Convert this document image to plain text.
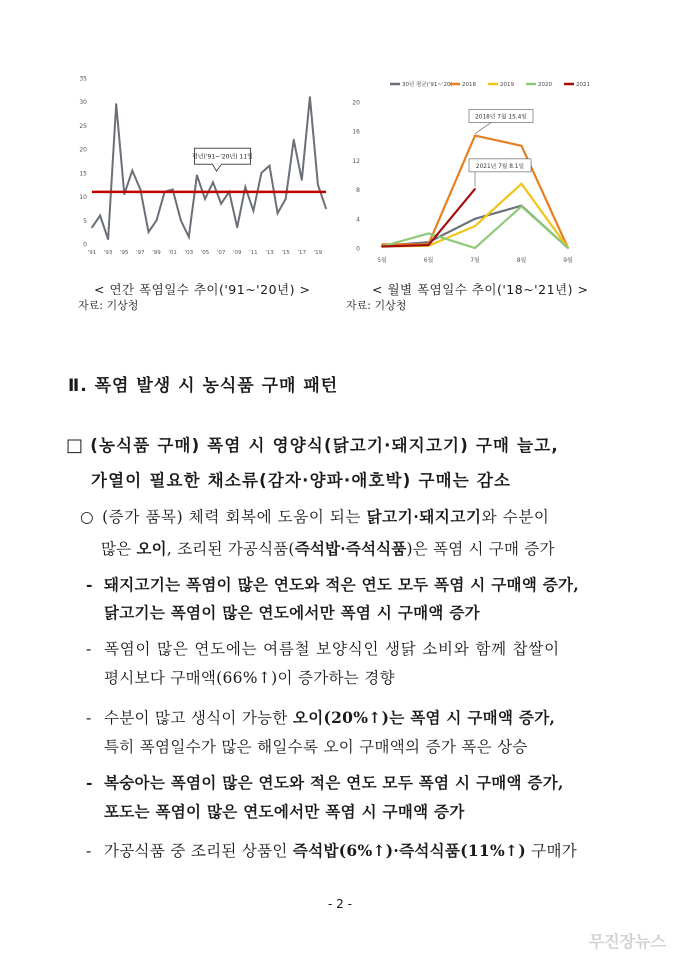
0
5
10
15
20
25
30
35
'91 '93 '95 '97 '99 '01 '03 '05 '07 '09 '11 '13 '15 '17 '19
평년('91~'20년) 11일
< 연간 폭염일수 추이('91~'20년) >
자료: 기상청
30년 평균('91~'20) 2018	2019	2020	2021
0
4
8
12
16
20
5월	6월	7월	8월	9월
2018년 7월 15.4일
2021년 7월 8.1일
< 월별 폭염일수 추이('18~'21년) >
자료: 기상청
Ⅱ. 폭염 발생 시 농식품 구매 패턴
□ (농식품 구매) 폭염 시 영양식(닭고기·돼지고기) 구매 늘고,
가열이 필요한 채소류(감자·양파·애호박) 구매는 감소
○ (증가 품목) 체력 회복에 도움이 되는 닭고기·돼지고기와 수분이
많은 오이, 조리된 가공식품(즉석밥·즉석식품)은 폭염 시 구매 증가
- 돼지고기는 폭염이 많은 연도와 적은 연도 모두 폭염 시 구매액 증가,
닭고기는 폭염이 많은 연도에서만 폭염 시 구매액 증가
- 폭염이 많은 연도에는 여름철 보양식인 생닭 소비와 함께 찹쌀이
평시보다 구매액(66%↑)이 증가하는 경향
- 수분이 많고 생식이 가능한 오이(20%↑)는 폭염 시 구매액 증가,
특히 폭염일수가 많은 해일수록 오이 구매액의 증가 폭은 상승
- 복숭아는 폭염이 많은 연도와 적은 연도 모두 폭염 시 구매액 증가,
포도는 폭염이 많은 연도에서만 폭염 시 구매액 증가
- 가공식품 중 조리된 상품인 즉석밥(6%↑)·즉석식품(11%↑) 구매가
- 2 -
무진장뉴스
